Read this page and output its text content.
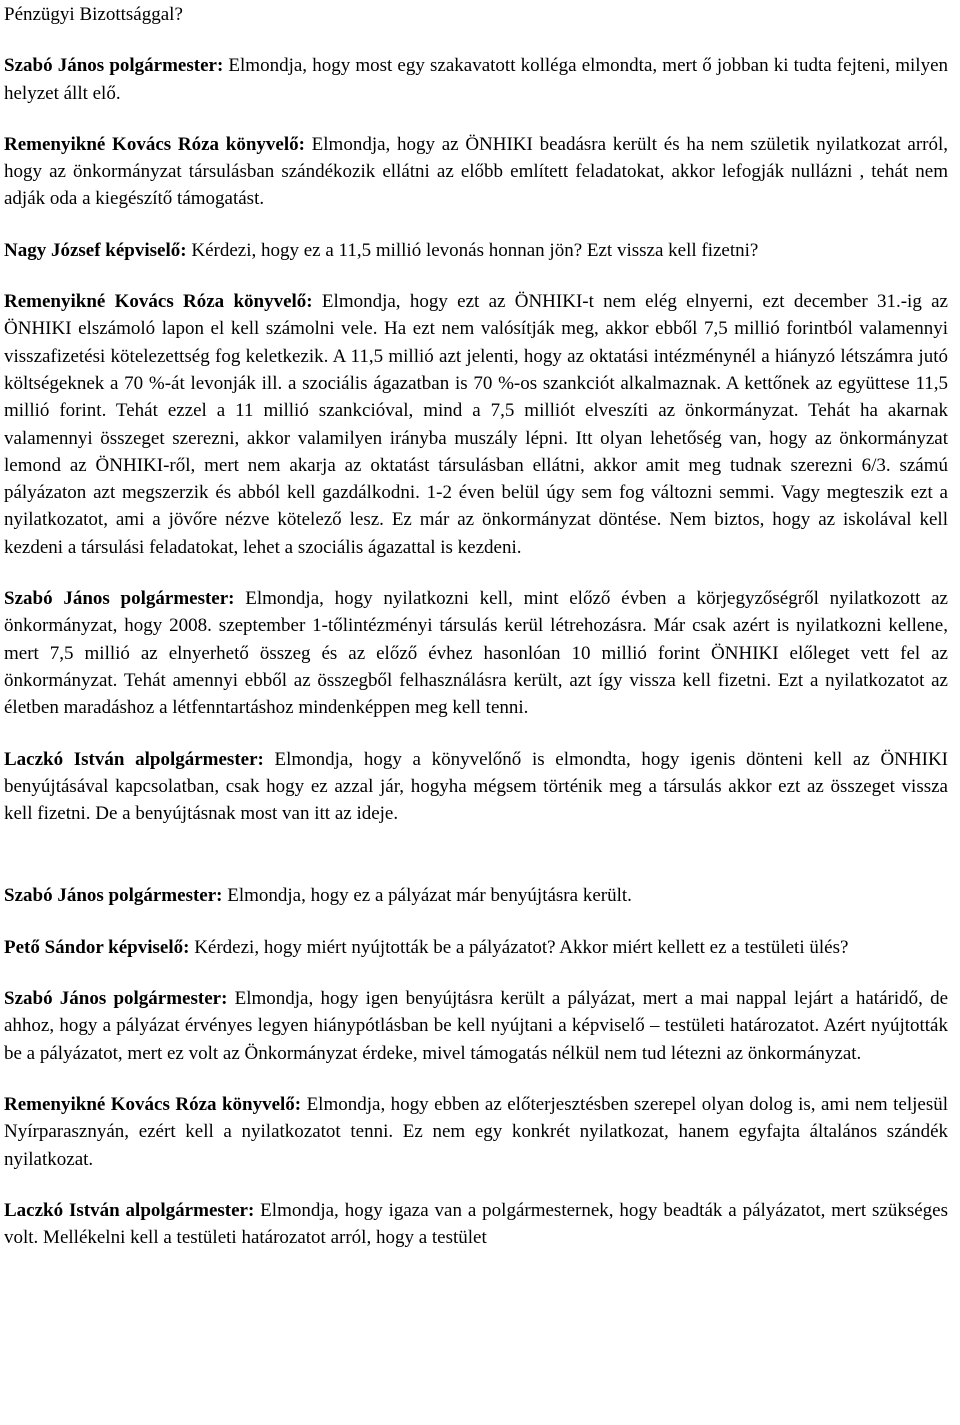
Pénzügyi Bizottsággal?

Szabó János polgármester: Elmondja, hogy most egy szakavatott kolléga elmondta, mert ő jobban ki tudta fejteni, milyen helyzet állt elő.

Remenyikné Kovács Róza könyvelő: Elmondja, hogy az ÖNHIKI beadásra került és ha nem születik nyilatkozat arról, hogy az önkormányzat társulásban szándékozik ellátni az előbb említett feladatokat, akkor lefogják nullázni , tehát nem adják oda a kiegészítő támogatást.

Nagy József képviselő: Kérdezi, hogy ez a 11,5 millió levonás honnan jön? Ezt vissza kell fizetni?

Remenyikné Kovács Róza könyvelő: Elmondja, hogy ezt az ÖNHIKI-t nem elég elnyerni, ezt december 31.-ig az ÖNHIKI elszámoló lapon el kell számolni vele. Ha ezt nem valósítják meg, akkor ebből 7,5 millió forintból valamennyi visszafizetési kötelezettség fog keletkezik. A 11,5 millió azt jelenti, hogy az oktatási intézménynél a hiányzó létszámra jutó költségeknek a 70 %-át levonják ill. a szociális ágazatban is 70 %-os szankciót alkalmaznak. A kettőnek az együttese 11,5 millió forint. Tehát ezzel a 11 millió szankcióval, mind a 7,5 milliót elveszíti az önkormányzat. Tehát ha akarnak valamennyi összeget szerezni, akkor valamilyen irányba muszály lépni. Itt olyan lehetőség van, hogy az önkormányzat lemond az ÖNHIKI-ről, mert nem akarja az oktatást társulásban ellátni, akkor amit meg tudnak szerezni 6/3. számú pályázaton azt megszerzik és abból kell gazdálkodni. 1-2 éven belül úgy sem fog változni semmi. Vagy megteszik ezt a nyilatkozatot, ami a jövőre nézve kötelező lesz. Ez már az önkormányzat döntése. Nem biztos, hogy az iskolával kell kezdeni a társulási feladatokat, lehet a szociális ágazattal is kezdeni.

Szabó János polgármester: Elmondja, hogy nyilatkozni kell, mint előző évben a körjegyzőségről nyilatkozott az önkormányzat, hogy 2008. szeptember 1-tőlintézményi társulás kerül létrehozásra. Már csak azért is nyilatkozni kellene, mert 7,5 millió az elnyerhető összeg és az előző évhez hasonlóan 10 millió forint ÖNHIKI előleget vett fel az önkormányzat. Tehát amennyi ebből az összegből felhasználásra került, azt így vissza kell fizetni. Ezt a nyilatkozatot az életben maradáshoz a létfenntartáshoz mindenképpen meg kell tenni.

Laczkó István alpolgármester: Elmondja, hogy a könyvelőnő is elmondta, hogy igenis dönteni kell az ÖNHIKI benyújtásával kapcsolatban, csak hogy ez azzal jár, hogyha mégsem történik meg a társulás akkor ezt az összeget vissza kell fizetni. De a benyújtásnak most van itt az ideje.

Szabó János polgármester: Elmondja, hogy ez a pályázat már benyújtásra került.

Pető Sándor képviselő: Kérdezi, hogy miért nyújtották be a pályázatot? Akkor miért kellett ez a testületi ülés?

Szabó János polgármester: Elmondja, hogy igen benyújtásra került a pályázat, mert a mai nappal lejárt a határidő, de ahhoz, hogy a pályázat érvényes legyen hiánypótlásban be kell nyújtani a képviselő – testületi határozatot. Azért nyújtották be a pályázatot, mert ez volt az Önkormányzat érdeke, mivel támogatás nélkül nem tud létezni az önkormányzat.

Remenyikné Kovács Róza könyvelő: Elmondja, hogy ebben az előterjesztésben szerepel olyan dolog is, ami nem teljesül Nyírparasznyán, ezért kell a nyilatkozatot tenni. Ez nem egy konkrét nyilatkozat, hanem egyfajta általános szándék nyilatkozat.

Laczkó István alpolgármester: Elmondja, hogy igaza van a polgármesternek, hogy beadták a pályázatot, mert szükséges volt. Mellékelni kell a testületi határozatot arról, hogy a testület
